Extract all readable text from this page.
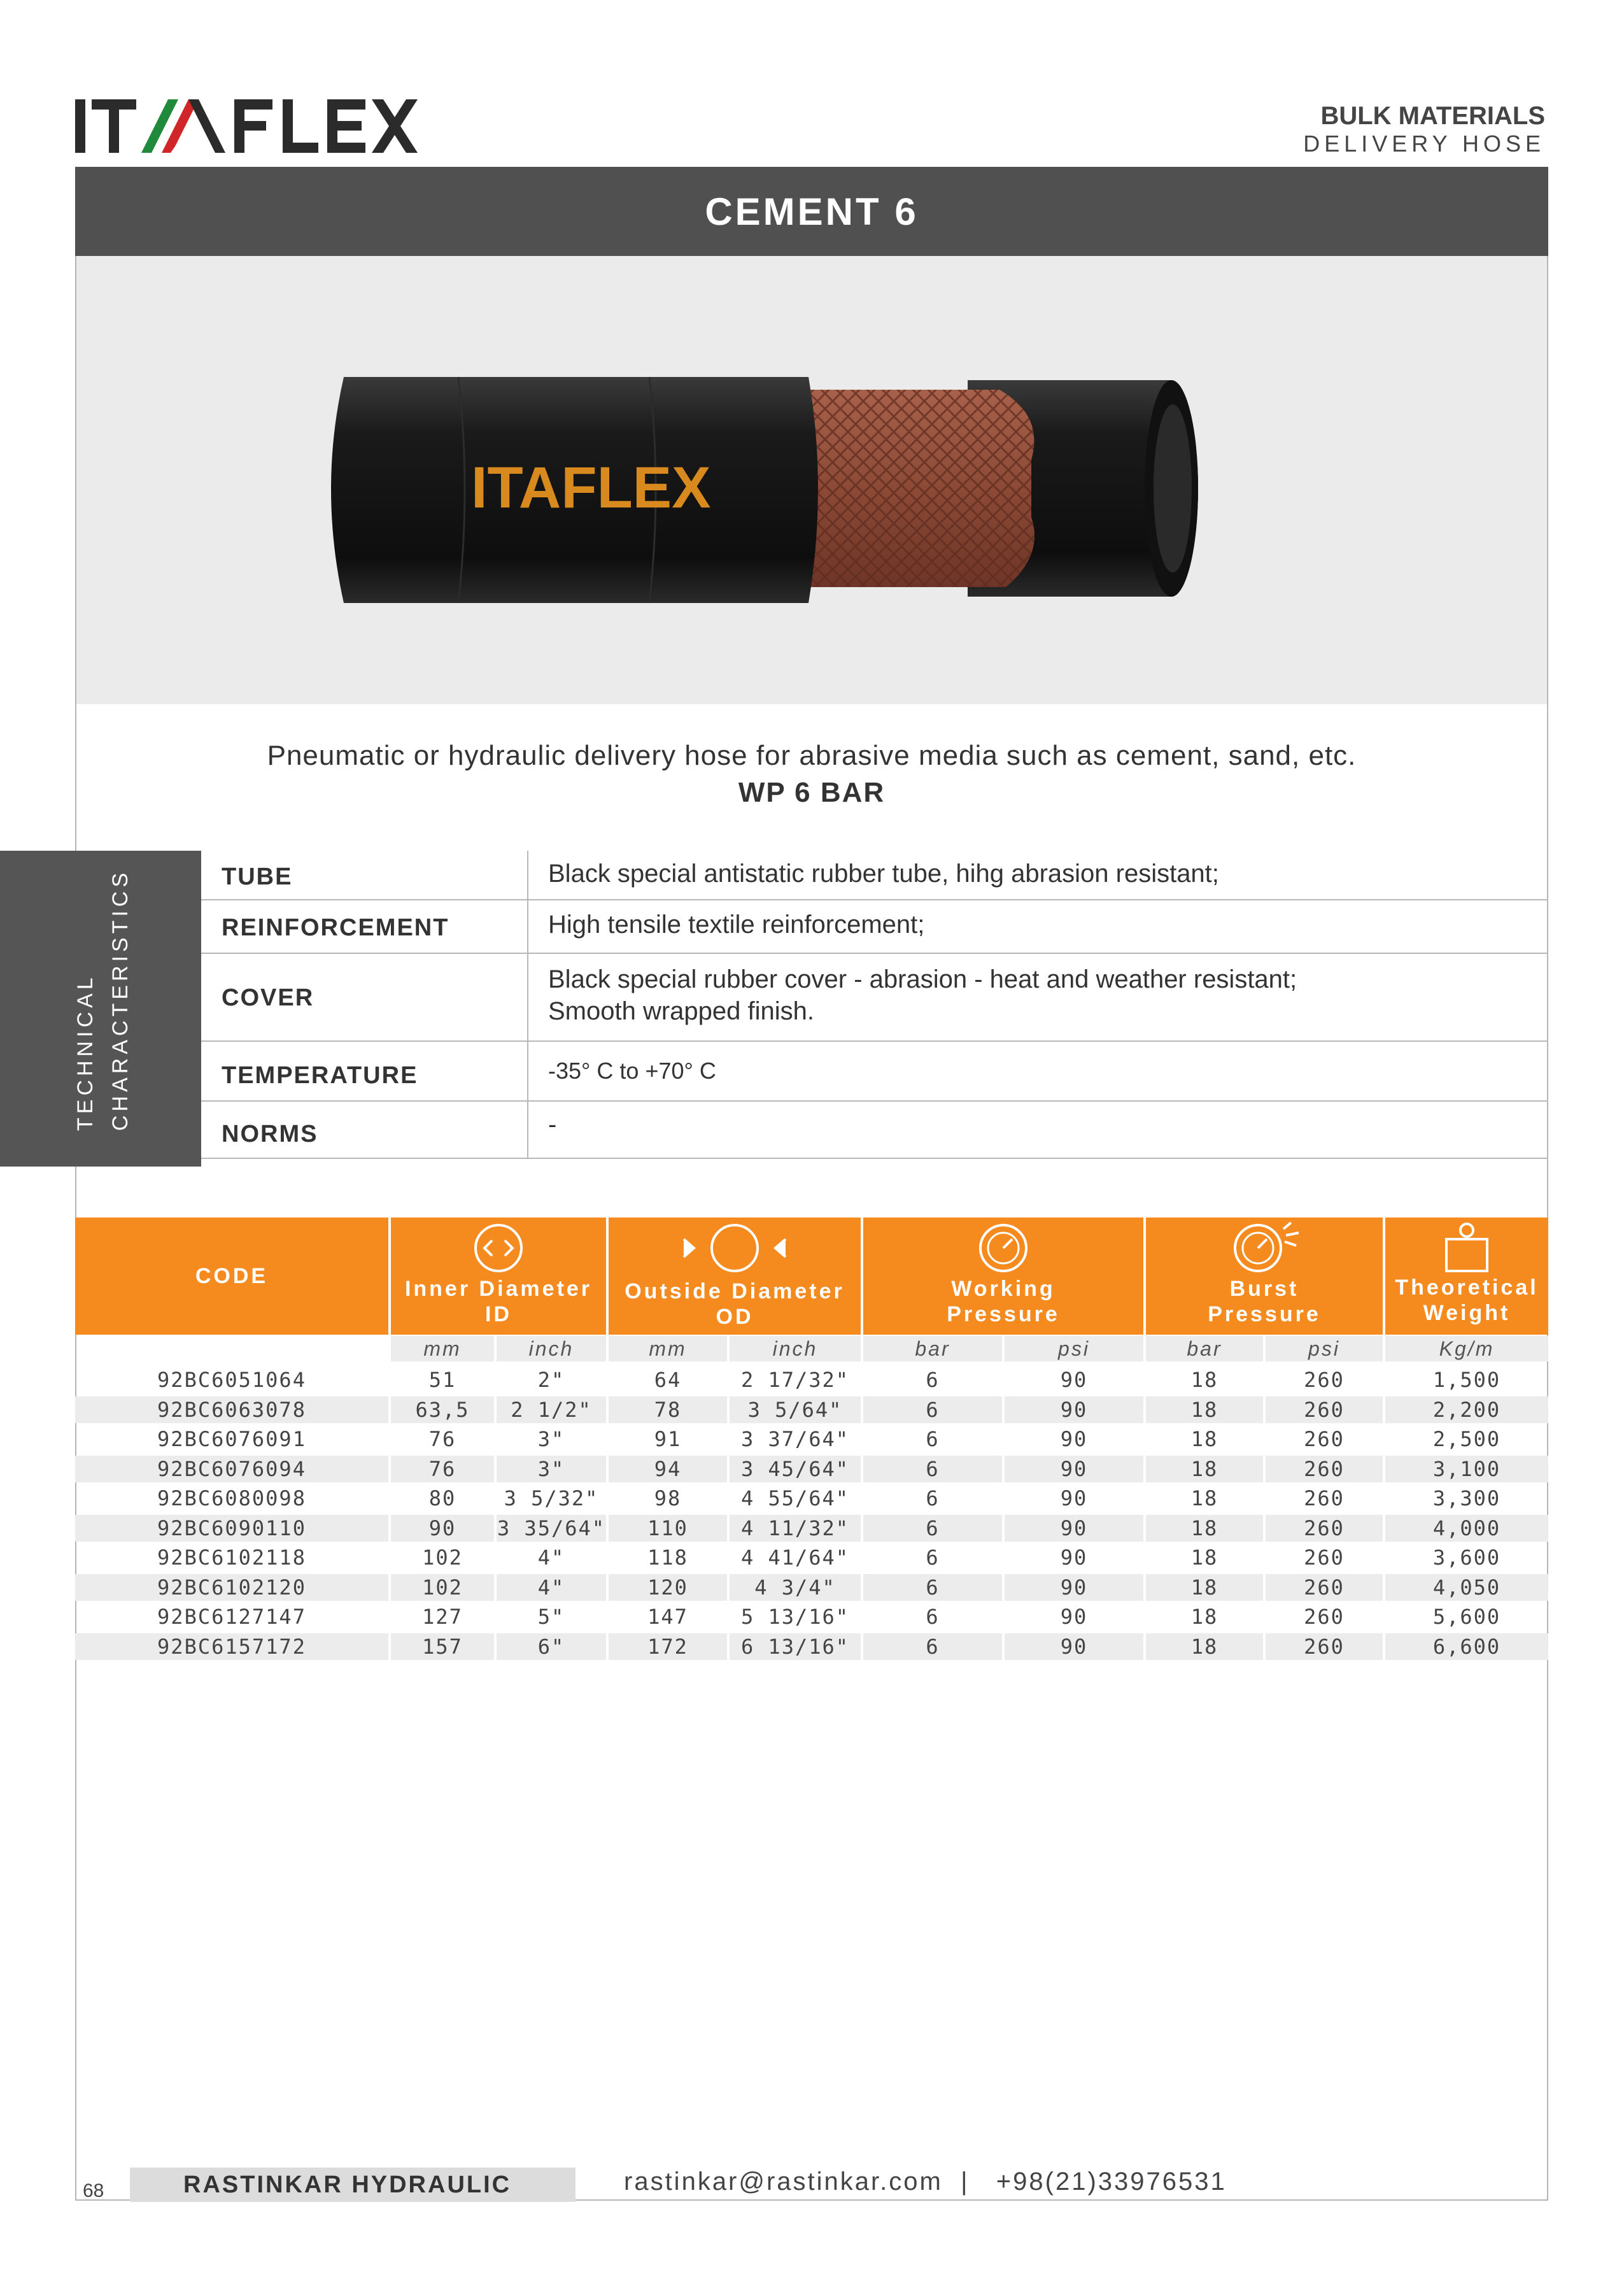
BULK MATERIALS
DELIVERY HOSE
CEMENT 6
ITAFLEX
Pneumatic or hydraulic delivery hose for abrasive media such as cement, sand, etc.
WP 6 BAR
TECHNICAL CHARACTERISTICS	TUBE	Black special antistatic rubber tube, hihg abrasion resistant;
REINFORCEMENT	High tensile textile reinforcement;
COVER
Black special rubber cover - abrasion - heat and weather resistant;
Smooth wrapped finish.
TEMPERATURE	-35° C to +70° C
NORMS	-
CODE
Inner Diameter
ID
Outside Diameter
OD
Working
Pressure
Burst
Pressure
Theoretical
Weight
mm	inch	mm	inch	bar	psi	bar	psi	Kg/m
92BC6051064	51	2"	64	2 17/32"	6	90	18	260	1,500
92BC6063078	63,5	2 1/2"	78	3 5/64"	6	90	18	260	2,200
92BC6076091	76	3"	91	3 37/64"	6	90	18	260	2,500
92BC6076094	76	3"	94	3 45/64"	6	90	18	260	3,100
92BC6080098	80	3 5/32"	98	4 55/64"	6	90	18	260	3,300
92BC6090110	90	3 35/64"	110	4 11/32"	6	90	18	260	4,000
92BC6102118	102	4"	118	4 41/64"	6	90	18	260	3,600
92BC6102120	102	4"	120	4 3/4"	6	90	18	260	4,050
92BC6127147	127	5"	147	5 13/16"	6	90	18	260	5,600
92BC6157172	157	6"	172	6 13/16"	6	90	18	260	6,600
68	RASTINKAR HYDRAULIC	rastinkar@rastinkar.com  |   +98(21)33976531
